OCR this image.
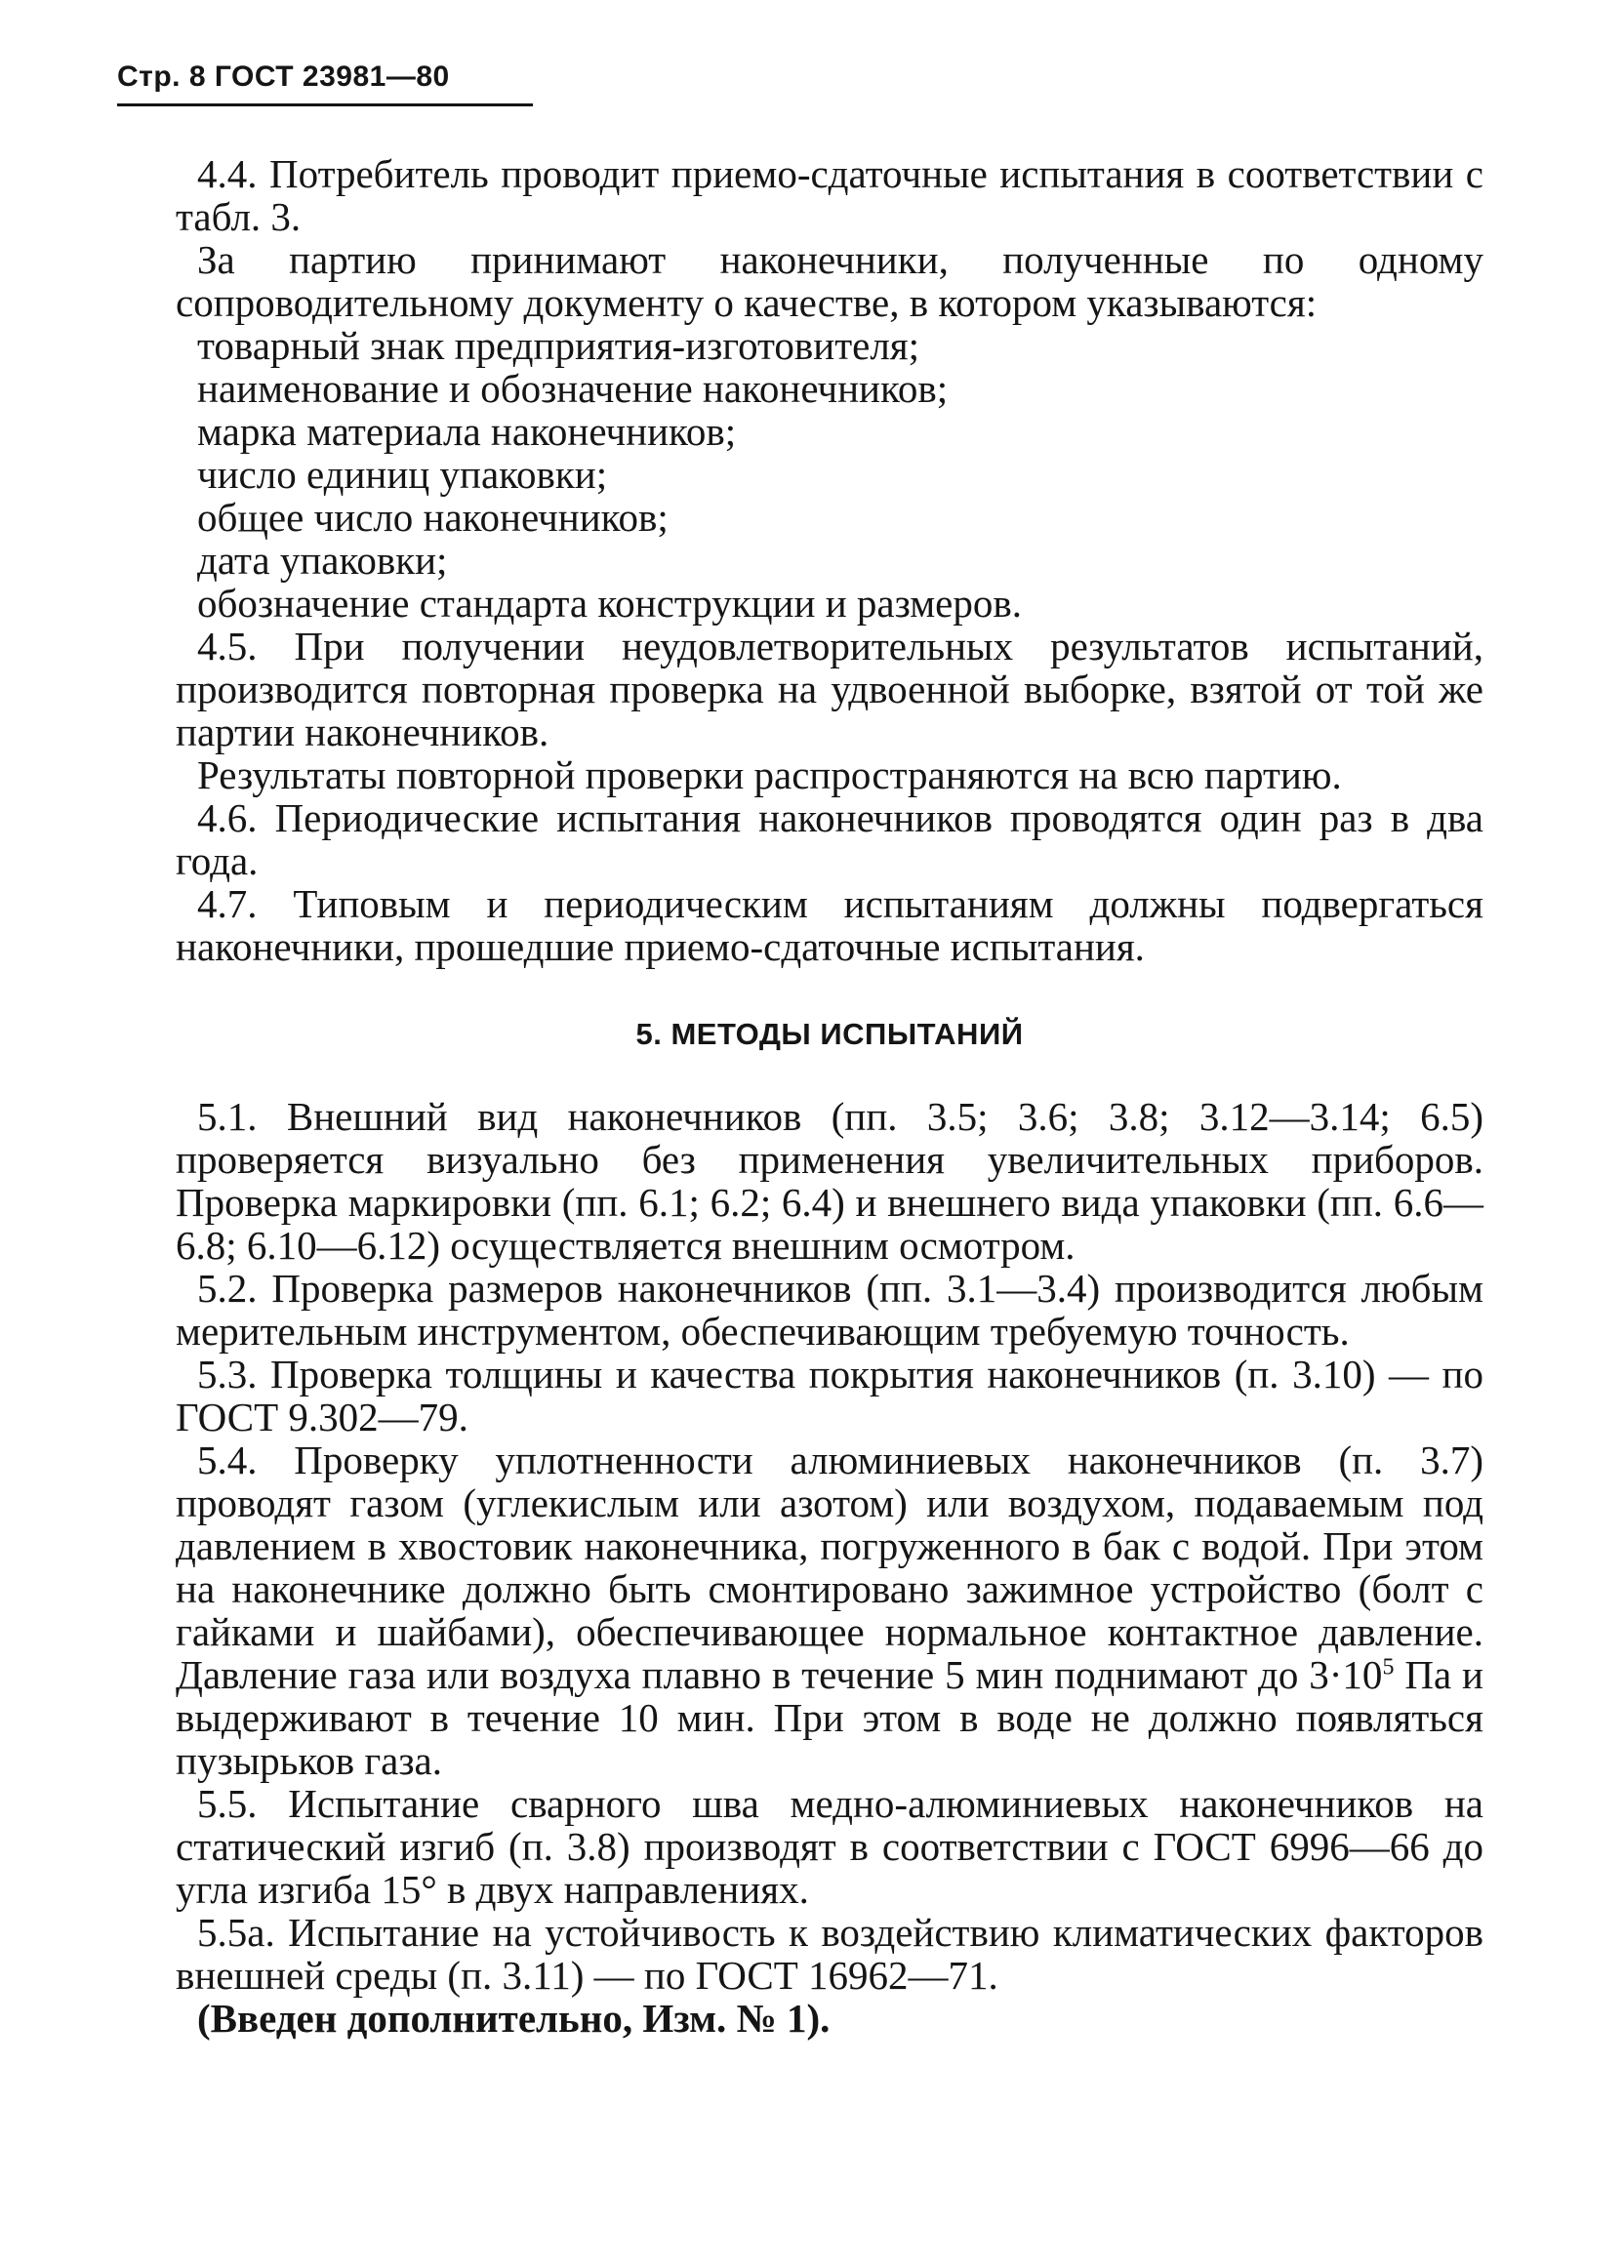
Стр. 8 ГОСТ 23981—80

4.4. Потребитель проводит приемо-сдаточные испытания в соответствии с табл. 3.

За партию принимают наконечники, полученные по одному сопроводительному документу о качестве, в котором указываются:

товарный знак предприятия-изготовителя;
наименование и обозначение наконечников;
марка материала наконечников;
число единиц упаковки;
общее число наконечников;
дата упаковки;
обозначение стандарта конструкции и размеров.

4.5. При получении неудовлетворительных результатов испытаний, производится повторная проверка на удвоенной выборке, взятой от той же партии наконечников.

Результаты повторной проверки распространяются на всю партию.

4.6. Периодические испытания наконечников проводятся один раз в два года.

4.7. Типовым и периодическим испытаниям должны подвергаться наконечники, прошедшие приемо-сдаточные испытания.

5. МЕТОДЫ ИСПЫТАНИЙ

5.1. Внешний вид наконечников (пп. 3.5; 3.6; 3.8; 3.12—3.14; 6.5) проверяется визуально без применения увеличительных приборов. Проверка маркировки (пп. 6.1; 6.2; 6.4) и внешнего вида упаковки (пп. 6.6—6.8; 6.10—6.12) осуществляется внешним осмотром.

5.2. Проверка размеров наконечников (пп. 3.1—3.4) производится любым мерительным инструментом, обеспечивающим требуемую точность.

5.3. Проверка толщины и качества покрытия наконечников (п. 3.10) — по ГОСТ 9.302—79.

5.4. Проверку уплотненности алюминиевых наконечников (п. 3.7) проводят газом (углекислым или азотом) или воздухом, подаваемым под давлением в хвостовик наконечника, погруженного в бак с водой. При этом на наконечнике должно быть смонтировано зажимное устройство (болт с гайками и шайбами), обеспечивающее нормальное контактное давление. Давление газа или воздуха плавно в течение 5 мин поднимают до $3\cdot 10^5$ Па и выдерживают в течение 10 мин. При этом в воде не должно появляться пузырьков газа.

5.5. Испытание сварного шва медно-алюминиевых наконечников на статический изгиб (п. 3.8) производят в соответствии с ГОСТ 6996—66 до угла изгиба 15° в двух направлениях.

5.5а. Испытание на устойчивость к воздействию климатических факторов внешней среды (п. 3.11) — по ГОСТ 16962—71.

(Введен дополнительно, Изм. № 1).
